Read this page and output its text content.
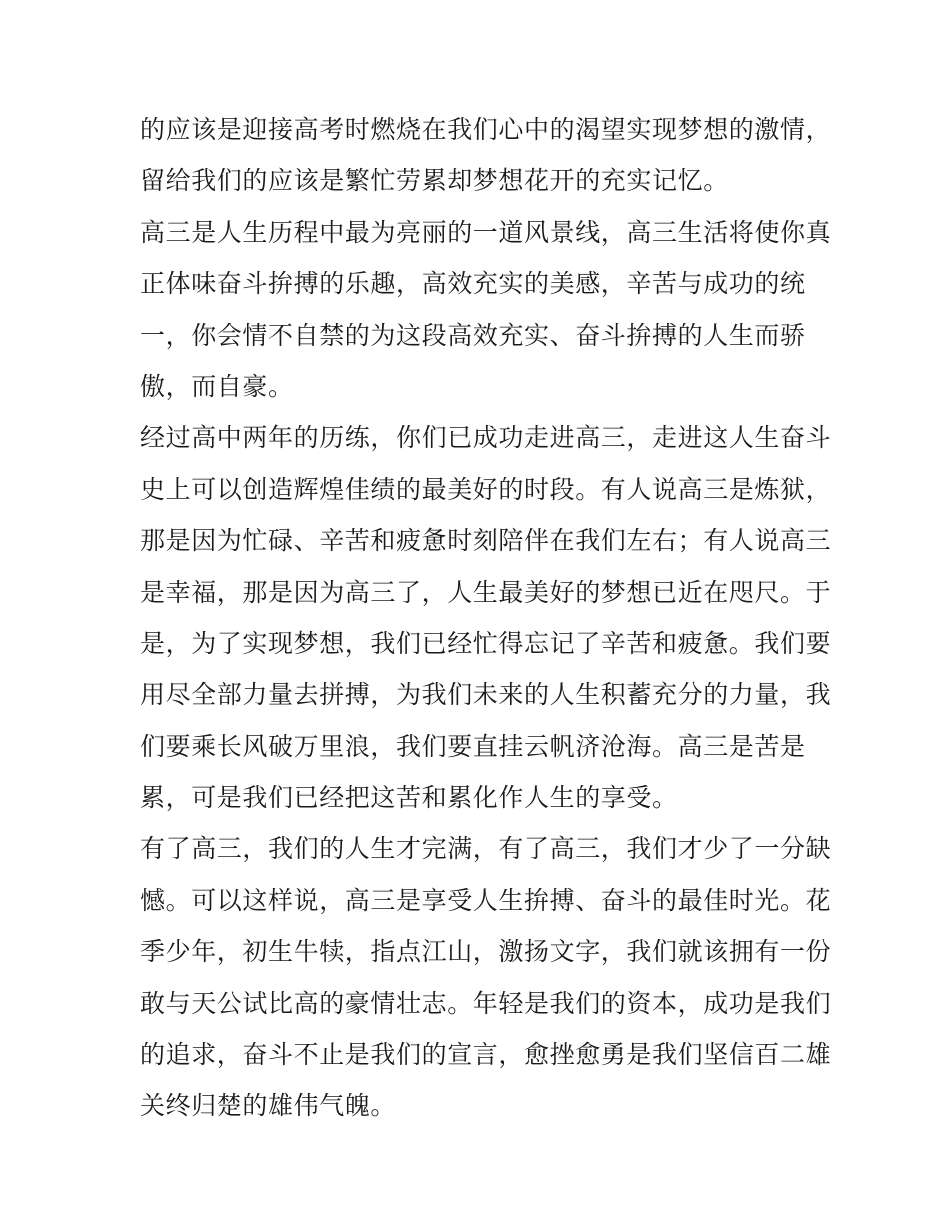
的应该是迎接高考时燃烧在我们心中的渴望实现梦想的激情，
留给我们的应该是繁忙劳累却梦想花开的充实记忆。
高三是人生历程中最为亮丽的一道风景线，高三生活将使你真
正体味奋斗拚搏的乐趣，高效充实的美感，辛苦与成功的统
一，你会情不自禁的为这段高效充实、奋斗拚搏的人生而骄
傲，而自豪。
经过高中两年的历练，你们已成功走进高三，走进这人生奋斗
史上可以创造辉煌佳绩的最美好的时段。有人说高三是炼狱，
那是因为忙碌、辛苦和疲惫时刻陪伴在我们左右；有人说高三
是幸福，那是因为高三了，人生最美好的梦想已近在咫尺。于
是，为了实现梦想，我们已经忙得忘记了辛苦和疲惫。我们要
用尽全部力量去拼搏，为我们未来的人生积蓄充分的力量，我
们要乘长风破万里浪，我们要直挂云帆济沧海。高三是苦是
累，可是我们已经把这苦和累化作人生的享受。
有了高三，我们的人生才完满，有了高三，我们才少了一分缺
憾。可以这样说，高三是享受人生拚搏、奋斗的最佳时光。花
季少年，初生牛犊，指点江山，激扬文字，我们就该拥有一份
敢与天公试比高的豪情壮志。年轻是我们的资本，成功是我们
的追求，奋斗不止是我们的宣言，愈挫愈勇是我们坚信百二雄
关终归楚的雄伟气魄。
